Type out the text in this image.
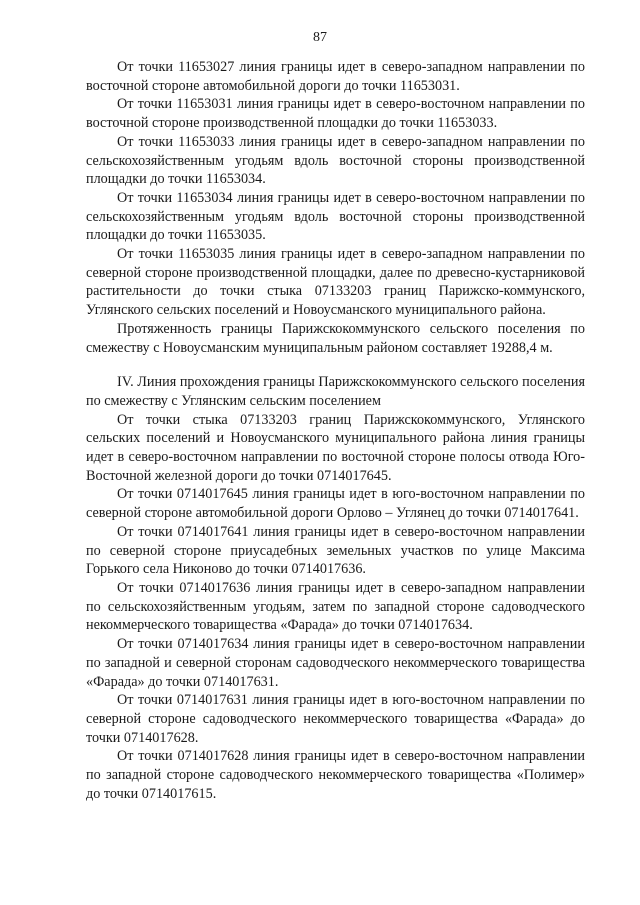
87

От точки 11653027 линия границы идет в северо-западном направлении по восточной стороне автомобильной дороги до точки 11653031.

От точки 11653031 линия границы идет в северо-восточном направлении по восточной стороне производственной площадки до точки 11653033.

От точки 11653033 линия границы идет в северо-западном направлении по сельскохозяйственным угодьям вдоль восточной стороны производственной площадки до точки 11653034.

От точки 11653034 линия границы идет в северо-восточном направлении по сельскохозяйственным угодьям вдоль восточной стороны производственной площадки до точки 11653035.

От точки 11653035 линия границы идет в северо-западном направлении по северной стороне производственной площадки, далее по древесно-кустарниковой растительности до точки стыка 07133203 границ Парижско-коммунского, Углянского сельских поселений и Новоусманского муниципального района.

Протяженность границы Парижскокоммунского сельского поселения по смежеству с Новоусманским муниципальным районом составляет 19288,4 м.

IV. Линия прохождения границы Парижскокоммунского сельского поселения по смежеству с Углянским сельским поселением

От точки стыка 07133203 границ Парижскокоммунского, Углянского сельских поселений и Новоусманского муниципального района линия границы идет в северо-восточном направлении по восточной стороне полосы отвода Юго-Восточной железной дороги до точки 0714017645.

От точки 0714017645 линия границы идет в юго-восточном направлении по северной стороне автомобильной дороги Орлово – Углянец до точки 0714017641.

От точки 0714017641 линия границы идет в северо-восточном направлении по северной стороне приусадебных земельных участков по улице Максима Горького села Никоново до точки 0714017636.

От точки 0714017636 линия границы идет в северо-западном направлении по сельскохозяйственным угодьям, затем по западной стороне садоводческого некоммерческого товарищества «Фарада» до точки 0714017634.

От точки 0714017634 линия границы идет в северо-восточном направлении по западной и северной сторонам садоводческого некоммерческого товарищества «Фарада» до точки 0714017631.

От точки 0714017631 линия границы идет в юго-восточном направлении по северной стороне садоводческого некоммерческого товарищества «Фарада» до точки 0714017628.

От точки 0714017628 линия границы идет в северо-восточном направлении по западной стороне садоводческого некоммерческого товарищества «Полимер» до точки 0714017615.
